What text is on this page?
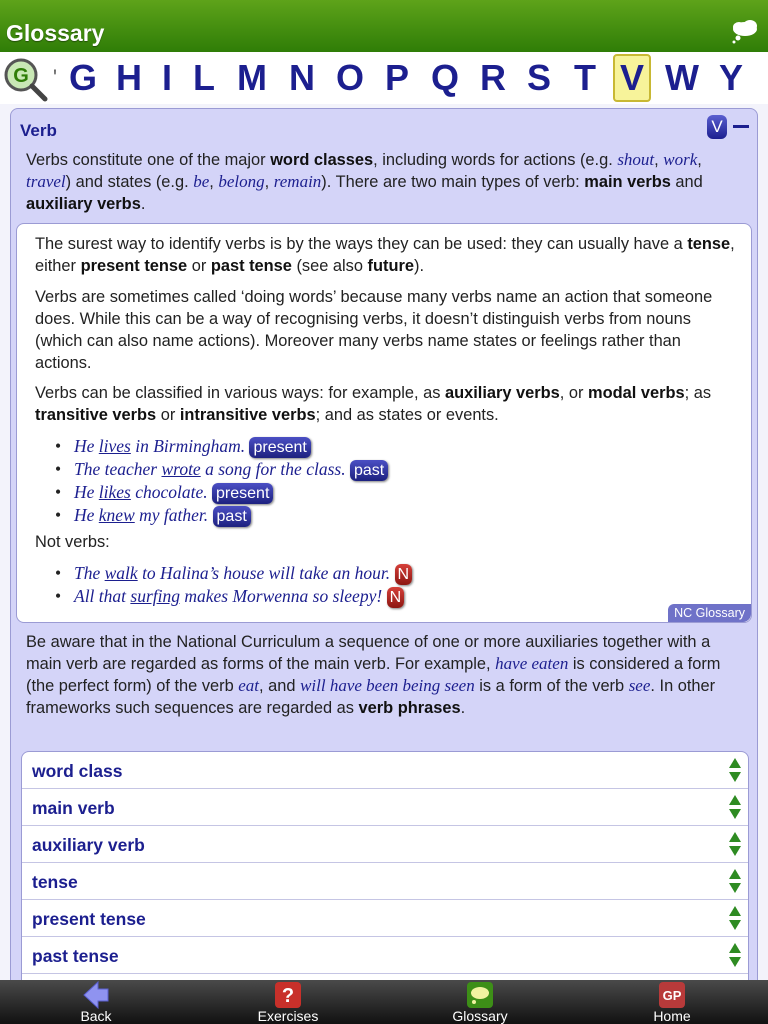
Glossary
G ' G H I L M N O P Q R S T V W Y
Verb	V
Verbs constitute one of the major word classes, including words for actions (e.g. shout, work, travel) and states (e.g. be, belong, remain). There are two main types of verb: main verbs and auxiliary verbs.
The surest way to identify verbs is by the ways they can be used: they can usually have a tense, either present tense or past tense (see also future).
Verbs are sometimes called ‘doing words’ because many verbs name an action that someone does. While this can be a way of recognising verbs, it doesn’t distinguish verbs from nouns (which can also name actions). Moreover many verbs name states or feelings rather than actions.
Verbs can be classified in various ways: for example, as auxiliary verbs, or modal verbs; as transitive verbs or intransitive verbs; and as states or events.
• He lives in Birmingham. present
• The teacher wrote a song for the class. past
• He likes chocolate. present
• He knew my father. past
Not verbs:
• The walk to Halina’s house will take an hour. N
• All that surfing makes Morwenna so sleepy! N
NC Glossary
Be aware that in the National Curriculum a sequence of one or more auxiliaries together with a main verb are regarded as forms of the main verb. For example, have eaten is considered a form (the perfect form) of the verb eat, and will have been being seen is a form of the verb see. In other frameworks such sequences are regarded as verb phrases.
word class
main verb
auxiliary verb
tense
present tense
past tense
Back
?
Exercises	Glossary
GP
Home
